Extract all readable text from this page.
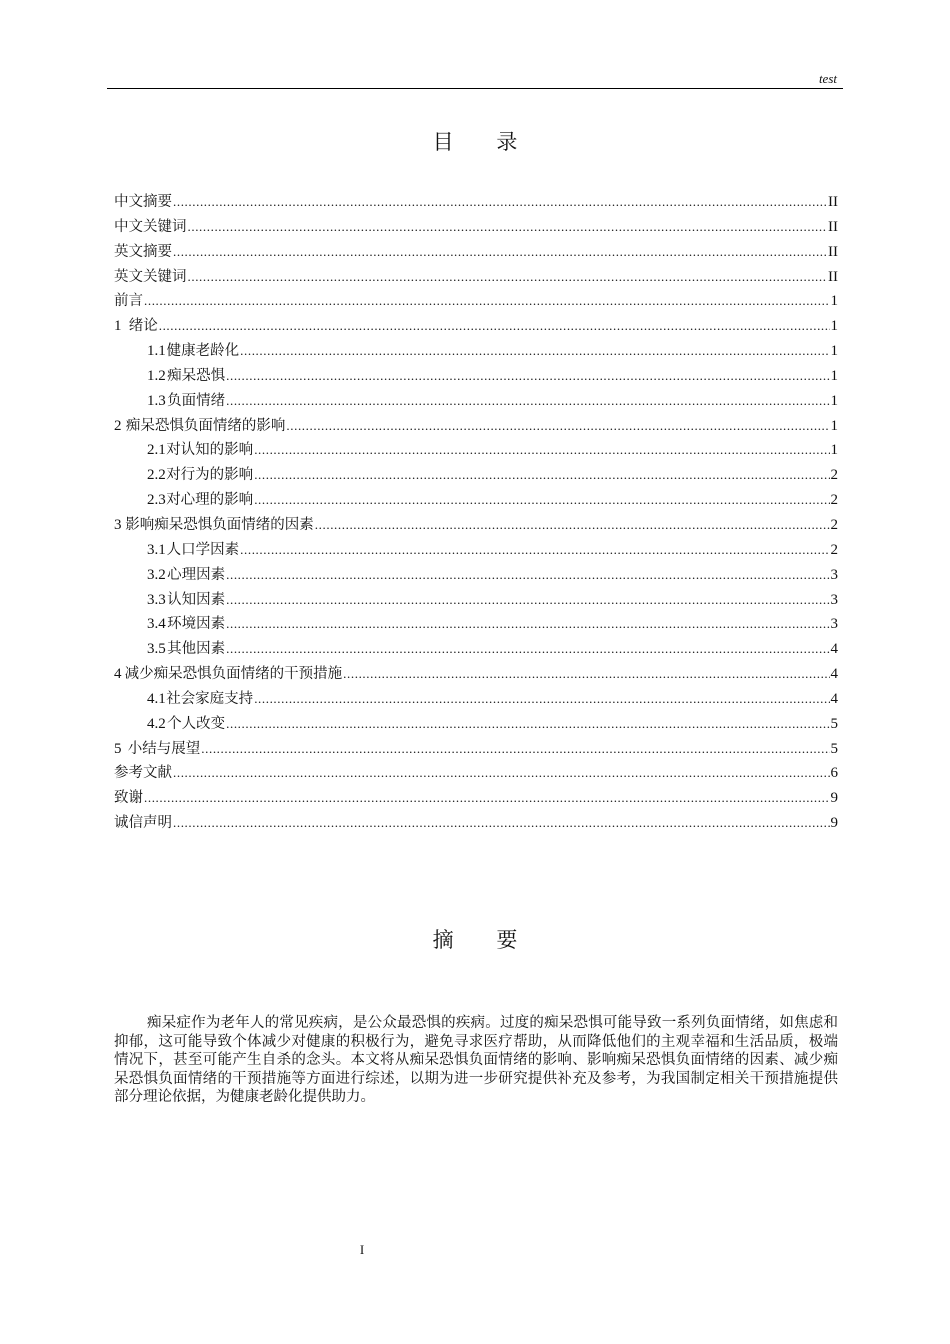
test
目 录
中文摘要 .....	II
中文关键词 .....	II
英文摘要 .....	II
英文关键词 .....	II
前言 .....	1
1 绪论 .....	1
1.1 健康老龄化 .....	1
1.2 痴呆恐惧 .....	1
1.3 负面情绪 .....	1
2 痴呆恐惧负面情绪的影响 .....	1
2.1 对认知的影响 .....	1
2.2 对行为的影响 .....	2
2.3 对心理的影响 .....	2
3 影响痴呆恐惧负面情绪的因素 .....	2
3.1 人口学因素 .....	2
3.2 心理因素 .....	3
3.3 认知因素 .....	3
3.4 环境因素 .....	3
3.5 其他因素 .....	4
4 减少痴呆恐惧负面情绪的干预措施 .....	4
4.1 社会家庭支持 .....	4
4.2 个人改变 .....	5
5 小结与展望 .....	5
参考文献 .....	6
致谢 .....	9
诚信声明 .....	9
摘 要

痴呆症作为老年人的常见疾病，是公众最恐惧的疾病。过度的痴呆恐惧可能导致一系列负面情绪，如焦虑和抑郁，这可能导致个体减少对健康的积极行为，避免寻求医疗帮助，从而降低他们的主观幸福和生活品质，极端情况下，甚至可能产生自杀的念头。本文将从痴呆恐惧负面情绪的影响、影响痴呆恐惧负面情绪的因素、减少痴呆恐惧负面情绪的干预措施等方面进行综述，以期为进一步研究提供补充及参考，为我国制定相关干预措施提供部分理论依据，为健康老龄化提供助力。

I
